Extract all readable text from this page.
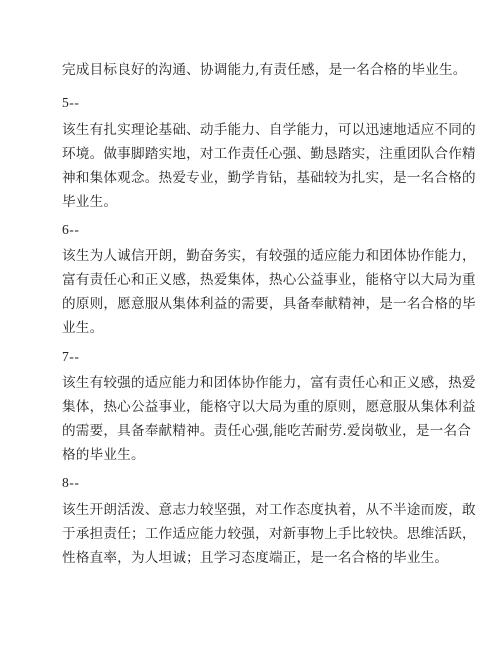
完成目标良好的沟通、协调能力,有责任感，是一名合格的毕业生。
5--
该生有扎实理论基础、动手能力、自学能力，可以迅速地适应不同的
环境。做事脚踏实地，对工作责任心强、勤恳踏实，注重团队合作精
神和集体观念。热爱专业，勤学肯钻，基础较为扎实，是一名合格的
毕业生。
6--
该生为人诚信开朗，勤奋务实，有较强的适应能力和团体协作能力，
富有责任心和正义感，热爱集体，热心公益事业，能格守以大局为重
的原则，愿意服从集体利益的需要，具备奉献精神，是一名合格的毕
业生。
7--
该生有较强的适应能力和团体协作能力，富有责任心和正义感，热爱
集体，热心公益事业，能格守以大局为重的原则，愿意服从集体利益
的需要，具备奉献精神。责任心强,能吃苦耐劳.爱岗敬业，是一名合
格的毕业生。
8--
该生开朗活泼、意志力较坚强，对工作态度执着，从不半途而废，敢
于承担责任；工作适应能力较强，对新事物上手比较快。思维活跃，
性格直率，为人坦诚；且学习态度端正，是一名合格的毕业生。
